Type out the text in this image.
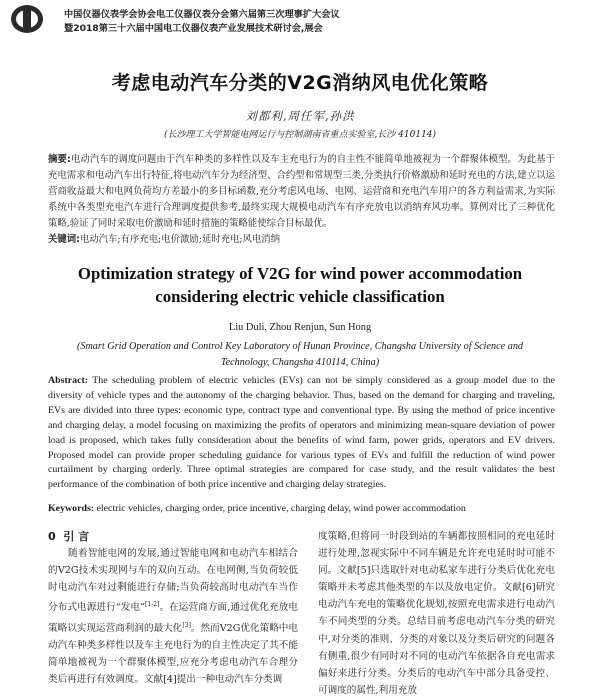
中国仪器仪表学会协会电工仪器仪表分会第六届第三次理事扩大会议
暨2018第三十六届中国电工仪器仪表产业发展技术研讨会,展会
考虑电动汽车分类的V2G消纳风电优化策略
刘都利,周任军,孙洪
(长沙理工大学智能电网运行与控制湖南省重点实验室,长沙 410114)
摘要:电动汽车的调度问题由于汽车种类的多样性以及车主充电行为的自主性不能简单地被视为一个群聚体模型。为此基于充电需求和电动汽车出行特征,将电动汽车分为经济型、合约型和常规型三类,分类执行价格激励和延时充电的方法,建立以运营商收益最大和电网负荷均方差最小的多目标函数,充分考虑风电场、电网、运营商和充电汽车用户的各方利益需求,为实际系统中各类型充电汽车进行合理调度提供参考,最终实现大规模电动汽车有序充放电以消纳弃风功率。算例对比了三种优化策略,验证了同时采取电价激励和延时措施的策略能使综合目标最优。
关键词:电动汽车;有序充电;电价激励;延时充电;风电消纳
Optimization strategy of V2G for wind power accommodation
considering electric vehicle classification
Liu Duli, Zhou Renjun, Sun Hong
(Smart Grid Operation and Control Key Laboratory of Hunan Province, Changsha University of Science and
Technology, Changsha 410114, China)
Abstract: The scheduling problem of electric vehicles (EVs) can not be simply considered as a group model due to the diversity of vehicle types and the autonomy of the charging behavior. Thus, based on the demand for charging and traveling, EVs are divided into three types: economic type, contract type and conventional type. By using the method of price incentive and charging delay, a model focusing on maximizing the profits of operators and minimizing mean-square deviation of power load is proposed, which takes fully consideration about the benefits of wind farm, power grids, operators and EV drivers. Proposed model can provide proper scheduling guidance for various types of EVs and fulfill the reduction of wind power curtailment by charging orderly. Three optimal strategies are compared for case study, and the result validates the best performance of the combination of both price incentive and charging delay strategies.
Keywords: electric vehicles, charging order, price incentive, charging delay, wind power accommodation
0 引 言
随着智能电网的发展,通过智能电网和电动汽车相结合的V2G技术实现网与车的双向互动。在电网侧,当负荷较低时电动汽车对过剩能进行存储;当负荷较高时电动汽车当作分布式电源进行“发电”[1-2]。在运营商方面,通过优化充放电策略以实现运营商利润的最大化[3]。然而V2G优化策略中电动汽车种类多样性以及车主充电行为的自主性决定了其不能简单地被视为一个群聚体模型,应充分考虑电动汽车合理分类后再进行有效调度。文献[4]提出一种电动汽车分类调
度策略,但将同一时段到站的车辆都按照相同的充电延时进行处理,忽视实际中不同车辆是允许充电延时时可能不同。文献[5]只选取针对电动私家车进行分类后优化充电策略并未考虑其他类型的车以及放电定价。文献[6]研究电动汽车充电的策略优化规划,按照充电需求进行电动汽车不同类型的分类。总结目前考虑电动汽车分类的研究中,对分类的准则、分类的对象以及分类后研究的问题各有侧重,很少有同时对不同的电动汽车依据各自充电需求偏好来进行分类。分类后的电动汽车中部分具备受控、可调度的属性,利用充放
